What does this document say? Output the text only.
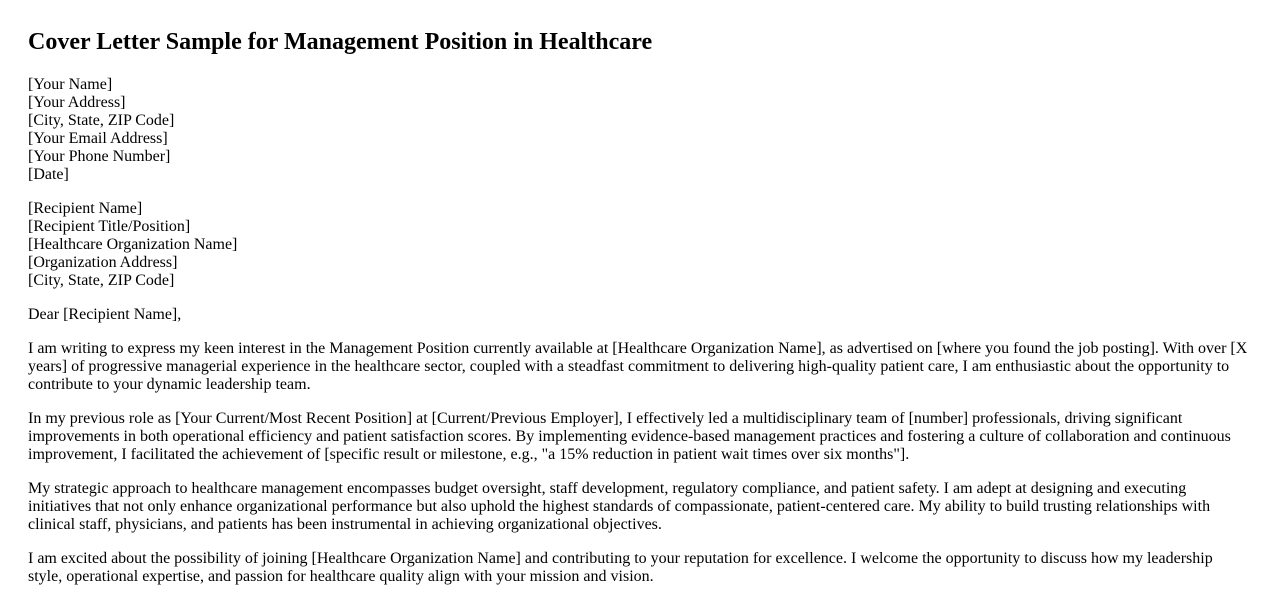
Cover Letter Sample for Management Position in Healthcare
[Your Name]
[Your Address]
[City, State, ZIP Code]
[Your Email Address]
[Your Phone Number]
[Date]
[Recipient Name]
[Recipient Title/Position]
[Healthcare Organization Name]
[Organization Address]
[City, State, ZIP Code]

Dear [Recipient Name],

I am writing to express my keen interest in the Management Position currently available at [Healthcare Organization Name], as advertised on [where you found the job posting]. With over [X years] of progressive managerial experience in the healthcare sector, coupled with a steadfast commitment to delivering high-quality patient care, I am enthusiastic about the opportunity to contribute to your dynamic leadership team.

In my previous role as [Your Current/Most Recent Position] at [Current/Previous Employer], I effectively led a multidisciplinary team of [number] professionals, driving significant improvements in both operational efficiency and patient satisfaction scores. By implementing evidence-based management practices and fostering a culture of collaboration and continuous improvement, I facilitated the achievement of [specific result or milestone, e.g., "a 15% reduction in patient wait times over six months"].

My strategic approach to healthcare management encompasses budget oversight, staff development, regulatory compliance, and patient safety. I am adept at designing and executing initiatives that not only enhance organizational performance but also uphold the highest standards of compassionate, patient-centered care. My ability to build trusting relationships with clinical staff, physicians, and patients has been instrumental in achieving organizational objectives.

I am excited about the possibility of joining [Healthcare Organization Name] and contributing to your reputation for excellence. I welcome the opportunity to discuss how my leadership style, operational expertise, and passion for healthcare quality align with your mission and vision.
